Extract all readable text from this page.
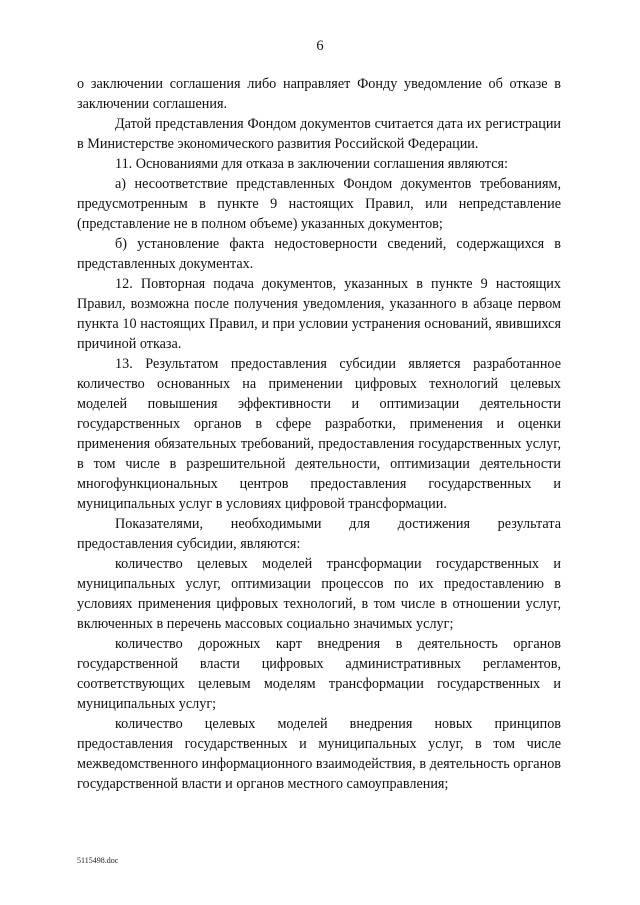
6

о заключении соглашения либо направляет Фонду уведомление об отказе в заключении соглашения.

Датой представления Фондом документов считается дата их регистрации в Министерстве экономического развития Российской Федерации.

11. Основаниями для отказа в заключении соглашения являются:

а) несоответствие представленных Фондом документов требованиям, предусмотренным в пункте 9 настоящих Правил, или непредставление (представление не в полном объеме) указанных документов;

б) установление факта недостоверности сведений, содержащихся в представленных документах.

12. Повторная подача документов, указанных в пункте 9 настоящих Правил, возможна после получения уведомления, указанного в абзаце первом пункта 10 настоящих Правил, и при условии устранения оснований, явившихся причиной отказа.

13. Результатом предоставления субсидии является разработанное количество основанных на применении цифровых технологий целевых моделей повышения эффективности и оптимизации деятельности государственных органов в сфере разработки, применения и оценки применения обязательных требований, предоставления государственных услуг, в том числе в разрешительной деятельности, оптимизации деятельности многофункциональных центров предоставления государственных и муниципальных услуг в условиях цифровой трансформации.

Показателями, необходимыми для достижения результата предоставления субсидии, являются:

количество целевых моделей трансформации государственных и муниципальных услуг, оптимизации процессов по их предоставлению в условиях применения цифровых технологий, в том числе в отношении услуг, включенных в перечень массовых социально значимых услуг;

количество дорожных карт внедрения в деятельность органов государственной власти цифровых административных регламентов, соответствующих целевым моделям трансформации государственных и муниципальных услуг;

количество целевых моделей внедрения новых принципов предоставления государственных и муниципальных услуг, в том числе межведомственного информационного взаимодействия, в деятельность органов государственной власти и органов местного самоуправления;

5115498.doc
